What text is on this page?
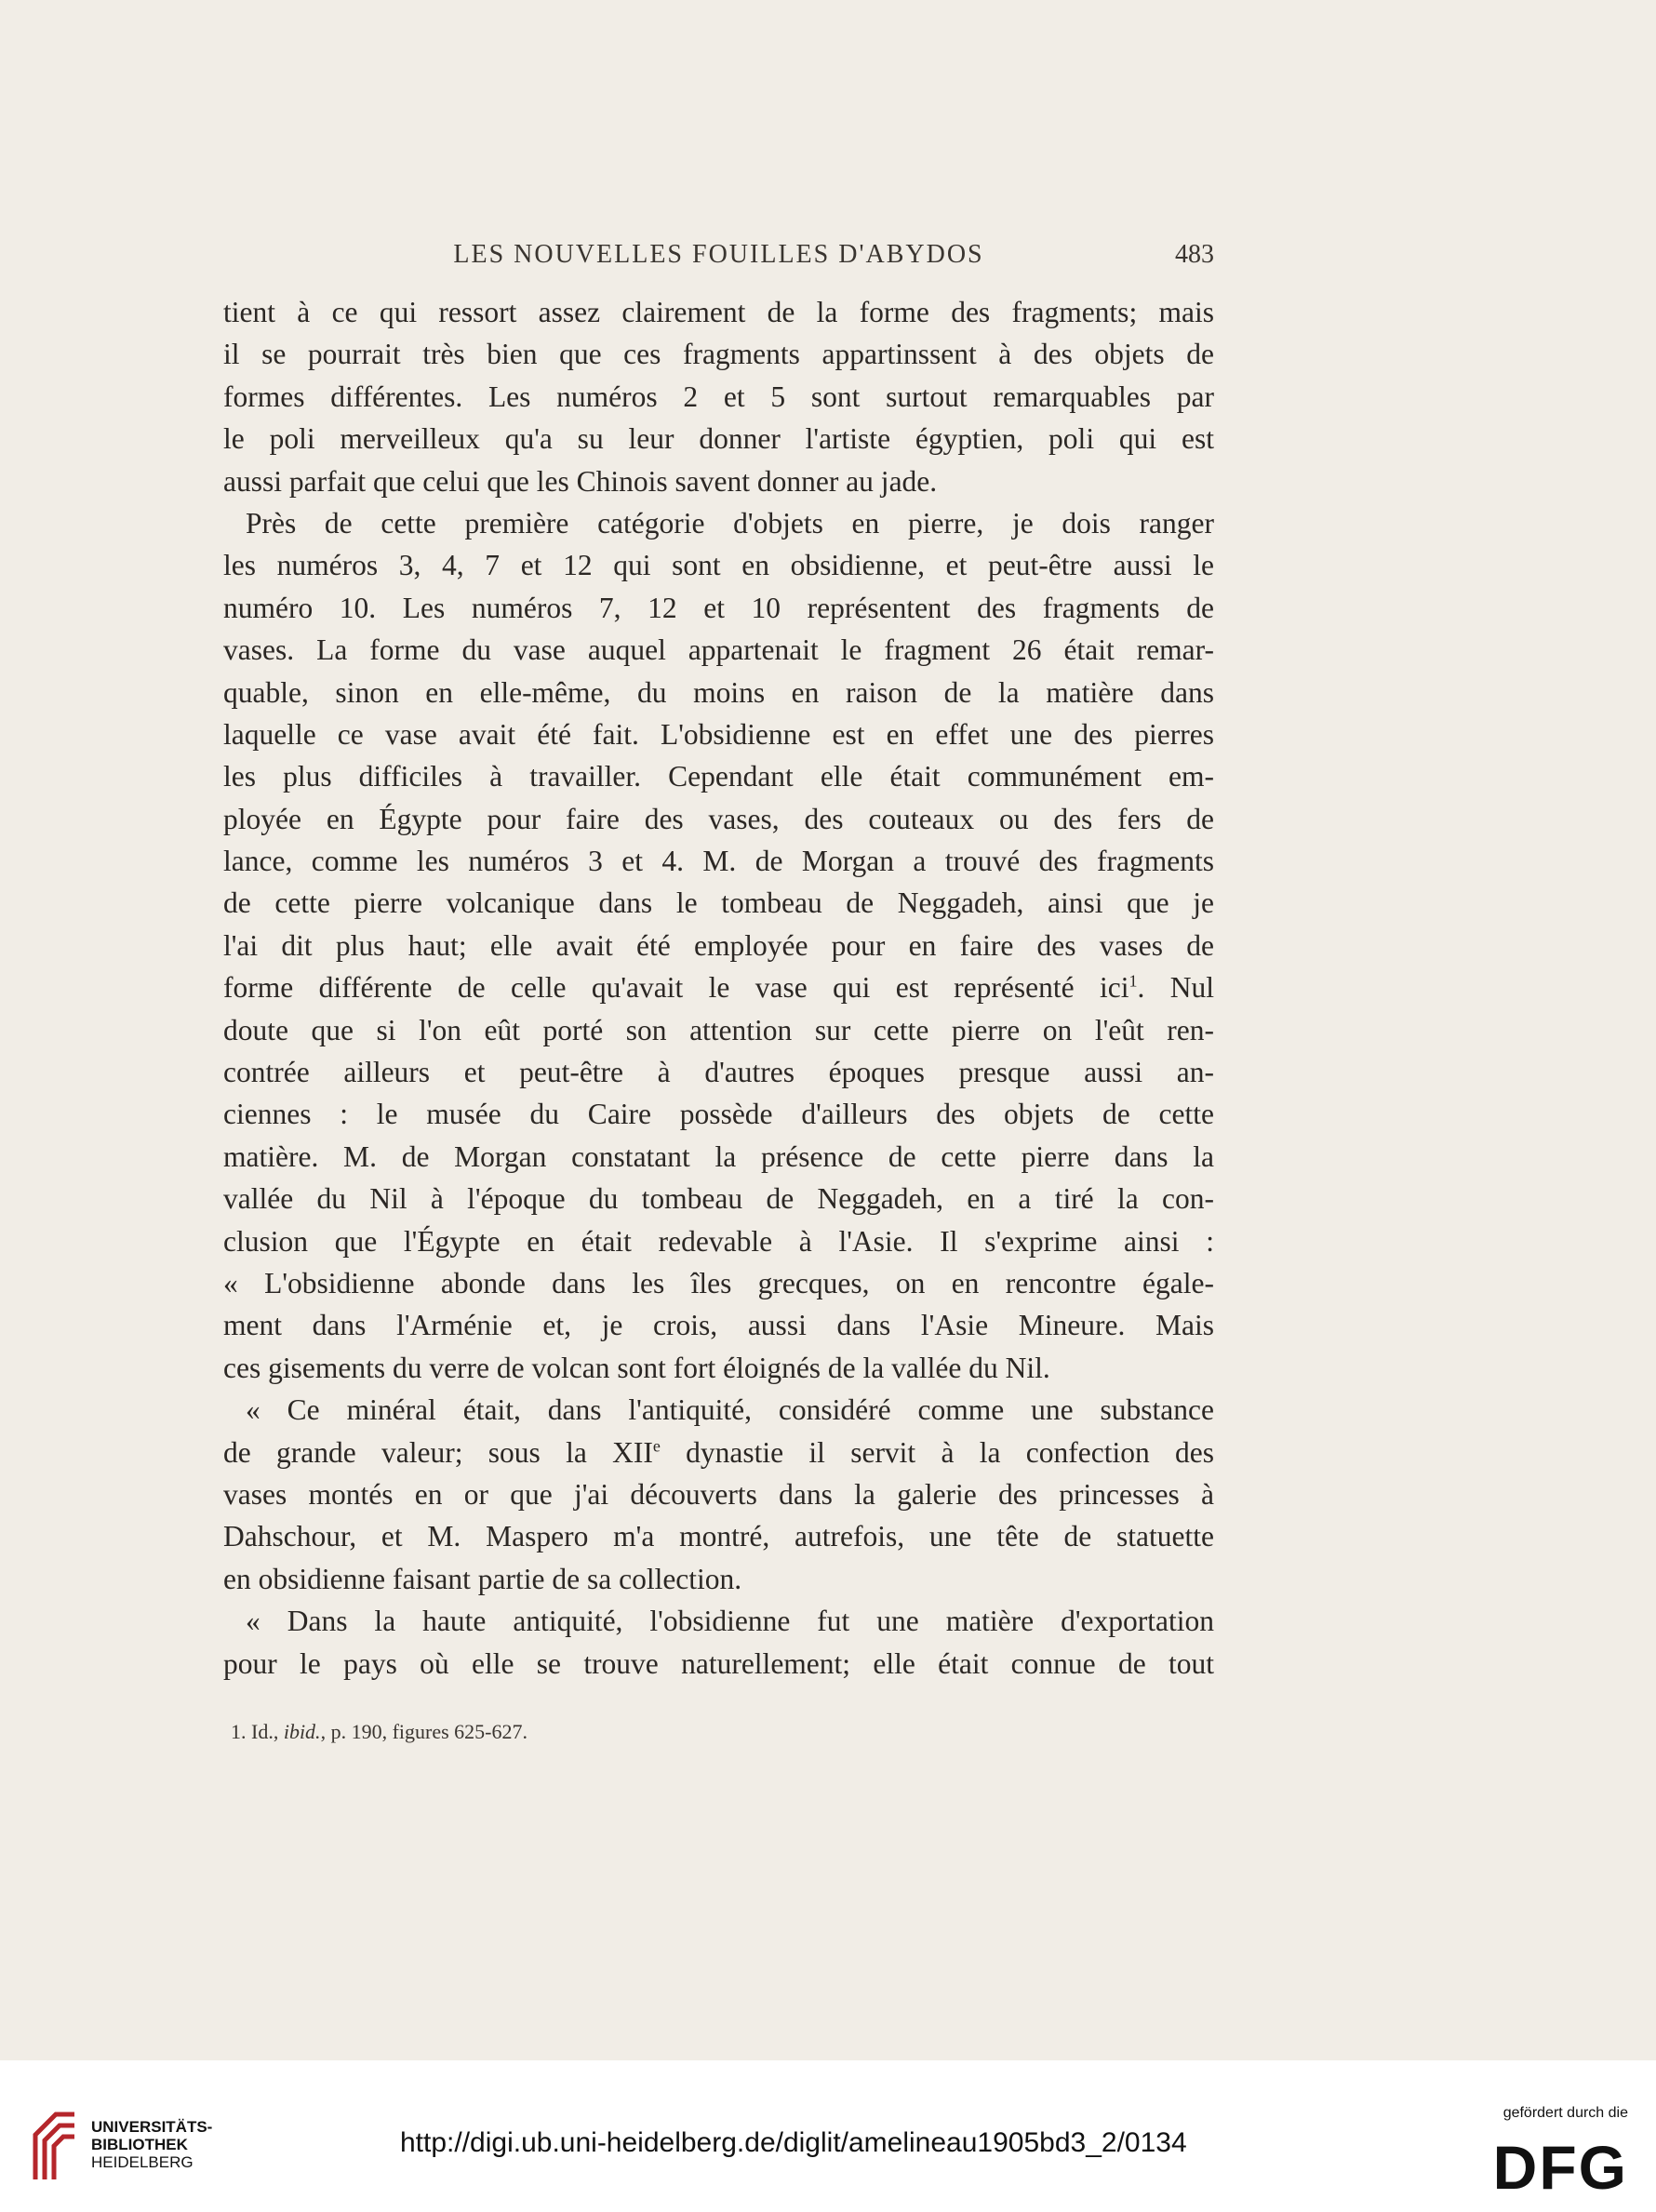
LES NOUVELLES FOUILLES D'ABYDOS	483
tient à ce qui ressort assez clairement de la forme des fragments; mais
il se pourrait très bien que ces fragments appartinssent à des objets de
formes différentes. Les numéros 2 et 5 sont surtout remarquables par
le poli merveilleux qu'a su leur donner l'artiste égyptien, poli qui est
aussi parfait que celui que les Chinois savent donner au jade.
Près de cette première catégorie d'objets en pierre, je dois ranger
les numéros 3, 4, 7 et 12 qui sont en obsidienne, et peut-être aussi le
numéro 10. Les numéros 7, 12 et 10 représentent des fragments de
vases. La forme du vase auquel appartenait le fragment 26 était remar-
quable, sinon en elle-même, du moins en raison de la matière dans
laquelle ce vase avait été fait. L'obsidienne est en effet une des pierres
les plus difficiles à travailler. Cependant elle était communément em-
ployée en Égypte pour faire des vases, des couteaux ou des fers de
lance, comme les numéros 3 et 4. M. de Morgan a trouvé des fragments
de cette pierre volcanique dans le tombeau de Neggadeh, ainsi que je
l'ai dit plus haut; elle avait été employée pour en faire des vases de
forme différente de celle qu'avait le vase qui est représenté ici$^1$. Nul
doute que si l'on eût porté son attention sur cette pierre on l'eût ren-
contrée ailleurs et peut-être à d'autres époques presque aussi an-
ciennes : le musée du Caire possède d'ailleurs des objets de cette
matière. M. de Morgan constatant la présence de cette pierre dans la
vallée du Nil à l'époque du tombeau de Neggadeh, en a tiré la con-
clusion que l'Égypte en était redevable à l'Asie. Il s'exprime ainsi :
« L'obsidienne abonde dans les îles grecques, on en rencontre égale-
ment dans l'Arménie et, je crois, aussi dans l'Asie Mineure. Mais
ces gisements du verre de volcan sont fort éloignés de la vallée du Nil.
« Ce minéral était, dans l'antiquité, considéré comme une substance
de grande valeur; sous la XIIe dynastie il servit à la confection des
vases montés en or que j'ai découverts dans la galerie des princesses à
Dahschour, et M. Maspero m'a montré, autrefois, une tête de statuette
en obsidienne faisant partie de sa collection.
« Dans la haute antiquité, l'obsidienne fut une matière d'exportation
pour le pays où elle se trouve naturellement; elle était connue de tout
1. Id., ibid., p. 190, figures 625-627.
UNIVERSITÄTS-
BIBLIOTHEK
HEIDELBERG
http://digi.ub.uni-heidelberg.de/diglit/amelineau1905bd3_2/0134
gefördert durch die
DFG
